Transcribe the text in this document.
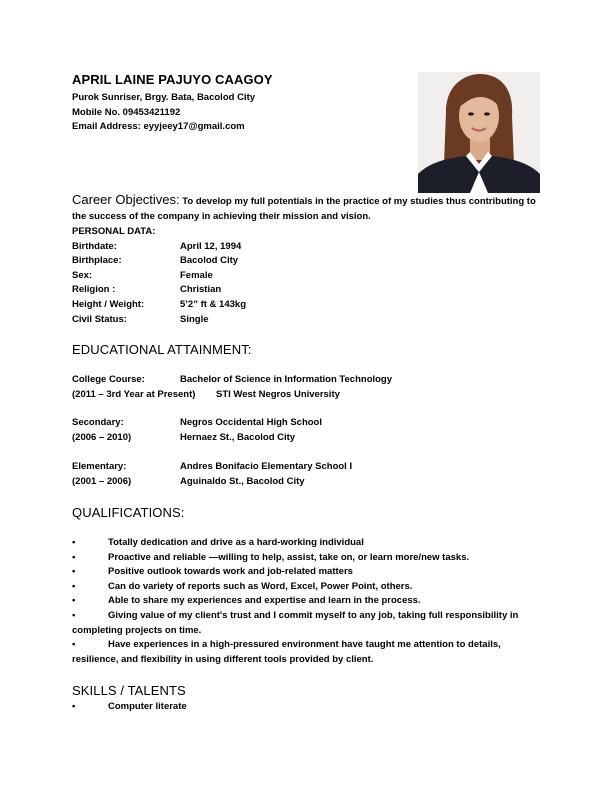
APRIL LAINE PAJUYO CAAGOY
Purok Sunriser, Brgy. Bata, Bacolod City
Mobile No. 09453421192
Email Address: eyyjeey17@gmail.com
Career Objectives: To develop my full potentials in the practice of my studies thus contributing to the success of the company in achieving their mission and vision.
PERSONAL DATA:
Birthdate:	April 12, 1994
Birthplace:	Bacolod City
Sex:	Female
Religion :	Christian
Height / Weight:	5’2” ft & 143kg
Civil Status:	Single
EDUCATIONAL ATTAINMENT:
College Course:	Bachelor of Science in Information Technology
(2011 – 3rd Year at Present)	STI West Negros University
Secondary:	Negros Occidental High School
(2006 – 2010)	Hernaez St., Bacolod City
Elementary:	Andres Bonifacio Elementary School I
(2001 – 2006)	Aguinaldo St., Bacolod City
QUALIFICATIONS:
•	Totally dedication and drive as a hard-working individual
•	Proactive and reliable —willing to help, assist, take on, or learn more/new tasks.
•	Positive outlook towards work and job-related matters
•	Can do variety of reports such as Word, Excel, Power Point, others.
•	Able to share my experiences and expertise and learn in the process.
•	Giving value of my client's trust and I commit myself to any job, taking full responsibility in completing projects on time.
•	Have experiences in a high-pressured environment have taught me attention to details, resilience, and flexibility in using different tools provided by client.
SKILLS / TALENTS
•	Computer literate
